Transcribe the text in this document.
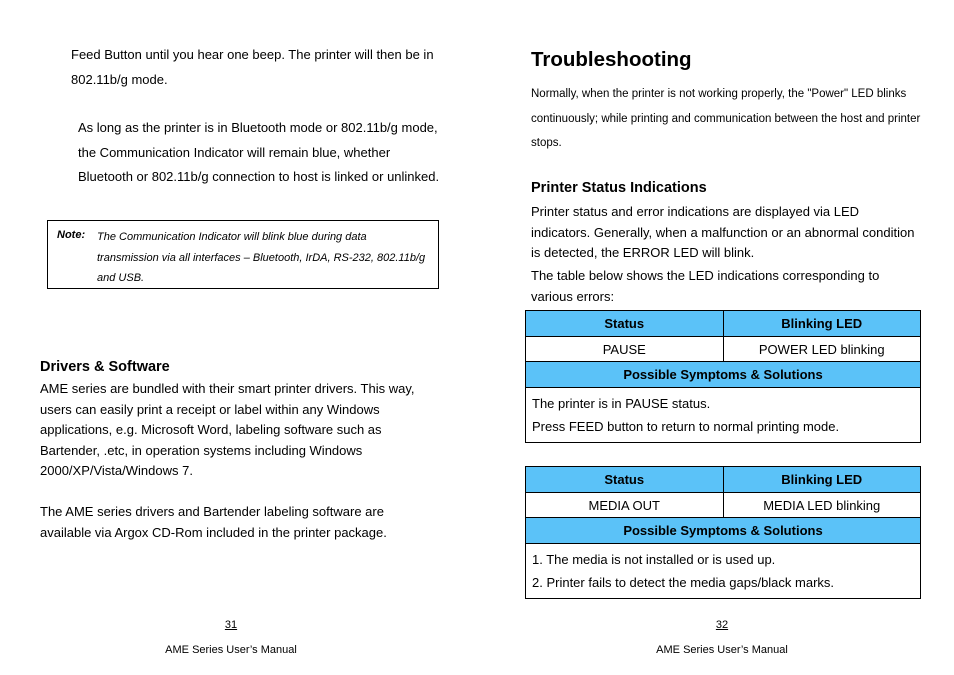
Feed Button until you hear one beep. The printer will then be in 802.11b/g mode.
As long as the printer is in Bluetooth mode or 802.11b/g mode, the Communication Indicator will remain blue, whether Bluetooth or 802.11b/g connection to host is linked or unlinked.
Note: The Communication Indicator will blink blue during data transmission via all interfaces – Bluetooth, IrDA, RS-232, 802.11b/g and USB.
Drivers & Software
AME series are bundled with their smart printer drivers. This way, users can easily print a receipt or label within any Windows applications, e.g. Microsoft Word, labeling software such as Bartender, .etc, in operation systems including Windows 2000/XP/Vista/Windows 7.
The AME series drivers and Bartender labeling software are available via Argox CD-Rom included in the printer package.
31
AME Series User’s Manual
Troubleshooting
Normally, when the printer is not working properly, the "Power" LED blinks continuously; while printing and communication between the host and printer stops.
Printer Status Indications
Printer status and error indications are displayed via LED indicators. Generally, when a malfunction or an abnormal condition is detected, the ERROR LED will blink.
The table below shows the LED indications corresponding to various errors:
Status	Blinking LED
PAUSE	POWER LED blinking
Possible Symptoms & Solutions	

The printer is in PAUSE status.
Press FEED button to return to normal printing mode.	
Status	Blinking LED
MEDIA OUT	MEDIA LED blinking
Possible Symptoms & Solutions	

1. The media is not installed or is used up.
2. Printer fails to detect the media gaps/black marks.	
32
AME Series User’s Manual
